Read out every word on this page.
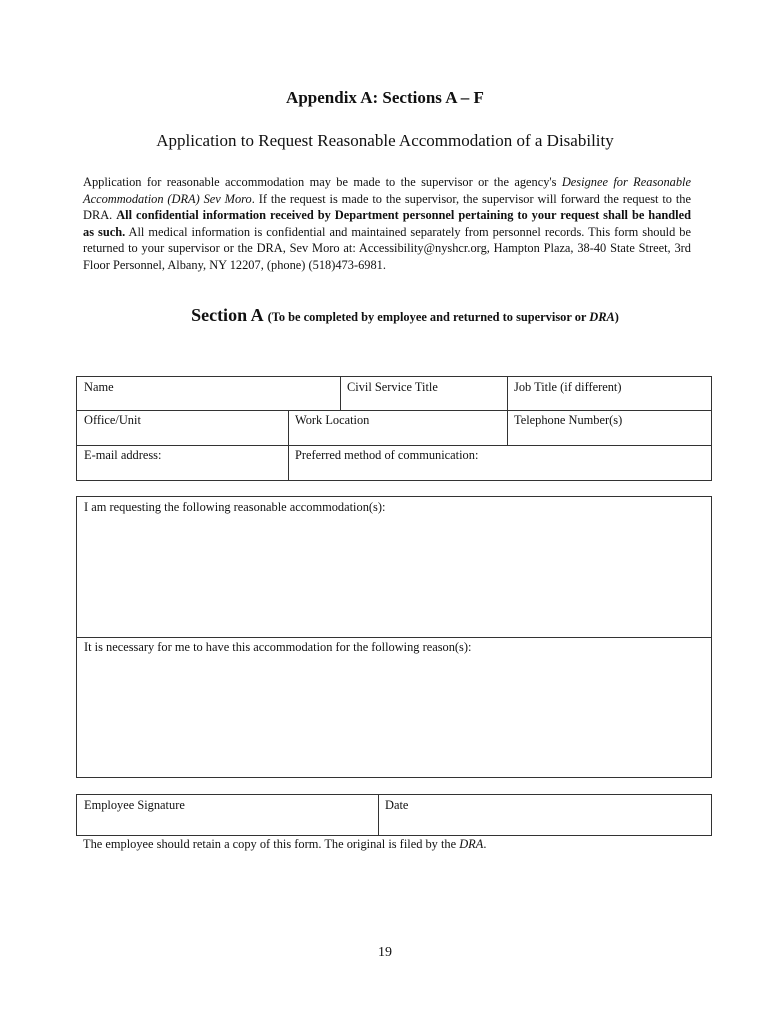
Appendix A: Sections A – F
Application to Request Reasonable Accommodation of a Disability
Application for reasonable accommodation may be made to the supervisor or the agency's Designee for Reasonable Accommodation (DRA) Sev Moro. If the request is made to the supervisor, the supervisor will forward the request to the DRA. All confidential information received by Department personnel pertaining to your request shall be handled as such. All medical information is confidential and maintained separately from personnel records. This form should be returned to your supervisor or the DRA, Sev Moro at: Accessibility@nyshcr.org, Hampton Plaza, 38-40 State Street, 3rd Floor Personnel, Albany, NY 12207, (phone) (518)473-6981.
Section A (To be completed by employee and returned to supervisor or DRA)
Name	Civil Service Title	Job Title (if different)
Office/Unit	Work Location	Telephone Number(s)
E-mail address:	Preferred method of communication:
I am requesting the following reasonable accommodation(s):
It is necessary for me to have this accommodation for the following reason(s):
Employee Signature	Date
The employee should retain a copy of this form. The original is filed by the DRA.
19
